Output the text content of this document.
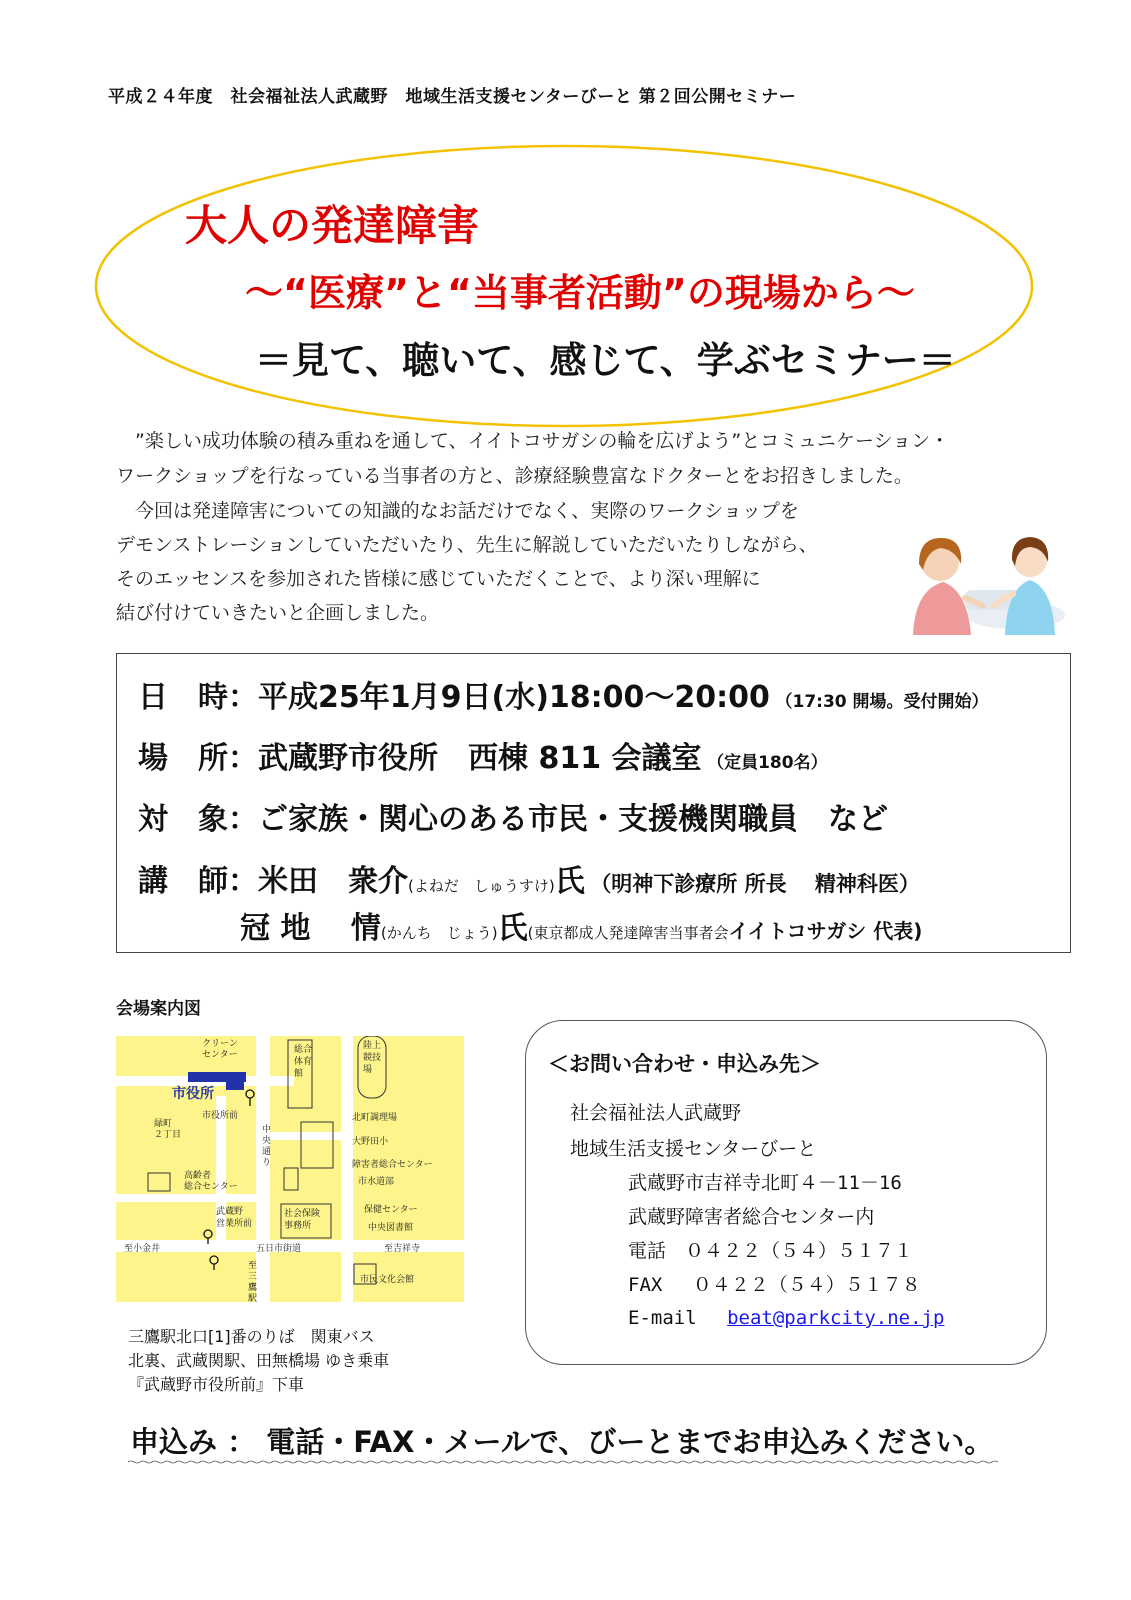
平成２４年度　社会福祉法人武蔵野　地域生活支援センターびーと 第２回公開セミナー
大人の発達障害
～“医療”と“当事者活動”の現場から～
＝見て、聴いて、感じて、学ぶセミナー＝
　”楽しい成功体験の積み重ねを通して、イイトコサガシの輪を広げよう”とコミュニケーション・
ワークショップを行なっている当事者の方と、診療経験豊富なドクターとをお招きしました。
　今回は発達障害についての知識的なお話だけでなく、実際のワークショップを
デモンストレーションしていただいたり、先生に解説していただいたりしながら、
そのエッセンスを参加された皆様に感じていただくことで、より深い理解に
結び付けていきたいと企画しました。
日　時：平成25年1月9日(水)18:00～20:00 （17:30 開場。受付開始）
場　所：武蔵野市役所　西棟 811 会議室 （定員180名）
対　象：ご家族・関心のある市民・支援機関職員　など
講　師：米田　衆介(よねだ　しゅうすけ)氏 （明神下診療所 所長　 精神科医）
冠 地　 情(かんち　じょう)氏(東京都成人発達障害当事者会イイトコサガシ 代表)
会場案内図
クリーン
センター
市役所
市役所前
緑町
２丁目
高齢者
総合センター
総合
体育
館
陸上
競技
場
北町調理場
大野田小
障害者総合センター
市水道部
中
央
通
り
社会保険
事務所
保健センター
中央図書館
武蔵野
営業所前
至小金井	五日市街道	至吉祥寺
至
三
鷹
駅
市民文化会館
三鷹駅北口[1]番のりば　関東バス
北裏、武蔵関駅、田無橋場 ゆき乗車
『武蔵野市役所前』下車
＜お問い合わせ・申込み先＞
社会福祉法人武蔵野
地域生活支援センターびーと
武蔵野市吉祥寺北町４－11－16
武蔵野障害者総合センター内
電話　 ０４２２（５４）５１７１
FAX　 ０４２２（５４）５１７８
E-mail　 beat@parkcity.ne.jp
申込み ： 電話・FAX・メールで、びーとまでお申込みください。
